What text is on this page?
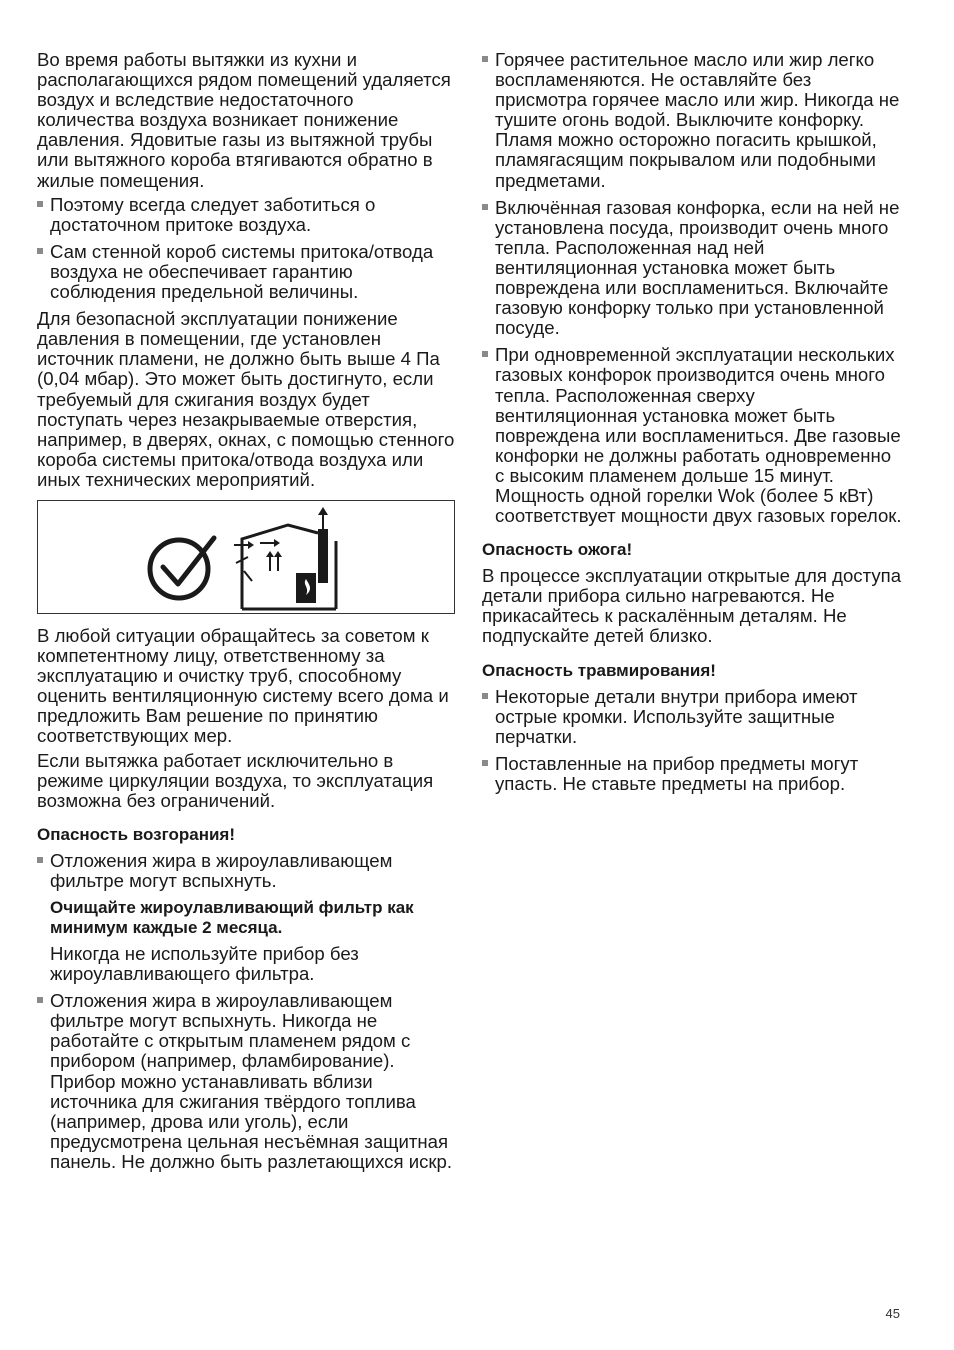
Во время работы вытяжки из кухни и располагающихся рядом помещений удаляется воздух и вследствие недостаточного количества воздуха возникает понижение давления. Ядовитые газы из вытяжной трубы или вытяжного короба втягиваются обратно в жилые помещения.

Поэтому всегда следует заботиться о достаточном притоке воздуха.

Сам стенной короб системы притока/отвода воздуха не обеспечивает гарантию соблюдения предельной величины.

Для безопасной эксплуатации понижение давления в помещении, где установлен источник пламени, не должно быть выше 4 Па (0,04 мбар). Это может быть достигнуто, если требуемый для сжигания воздух будет поступать через незакрываемые отверстия, например, в дверях, окнах, с помощью стенного короба системы притока/отвода воздуха или иных технических мероприятий.

В любой ситуации обращайтесь за советом к компетентному лицу, ответственному за эксплуатацию и очистку труб, способному оценить вентиляционную систему всего дома и предложить Вам решение по принятию соответствующих мер.

Если вытяжка работает исключительно в режиме циркуляции воздуха, то эксплуатация возможна без ограничений.

Опасность возгорания!

Отложения жира в жироулавливающем фильтре могут вспыхнуть.

Очищайте жироулавливающий фильтр как минимум каждые 2 месяца.

Никогда не используйте прибор без жироулавливающего фильтра.

Отложения жира в жироулавливающем фильтре могут вспыхнуть. Никогда не работайте с открытым пламенем рядом с прибором (например, фламбирование). Прибор можно устанавливать вблизи источника для сжигания твёрдого топлива (например, дрова или уголь), если предусмотрена цельная несъёмная защитная панель. Не должно быть разлетающихся искр.

Горячее растительное масло или жир легко воспламеняются. Не оставляйте без присмотра горячее масло или жир. Никогда не тушите огонь водой. Выключите конфорку. Пламя можно осторожно погасить крышкой, пламягасящим покрывалом или подобными предметами.

Включённая газовая конфорка, если на ней не установлена посуда, производит очень много тепла. Расположенная над ней вентиляционная установка может быть повреждена или воспламениться. Включайте газовую конфорку только при установленной посуде.

При одновременной эксплуатации нескольких газовых конфорок производится очень много тепла. Расположенная сверху вентиляционная установка может быть повреждена или воспламениться. Две газовые конфорки не должны работать одновременно с высоким пламенем дольше 15 минут. Мощность одной горелки Wok (более 5 кВт) соответствует мощности двух газовых горелок.

Опасность ожога!

В процессе эксплуатации открытые для доступа детали прибора сильно нагреваются. Не прикасайтесь к раскалённым деталям. Не подпускайте детей близко.

Опасность травмирования!

Некоторые детали внутри прибора имеют острые кромки. Используйте защитные перчатки.

Поставленные на прибор предметы могут упасть. Не ставьте предметы на прибор.

45
